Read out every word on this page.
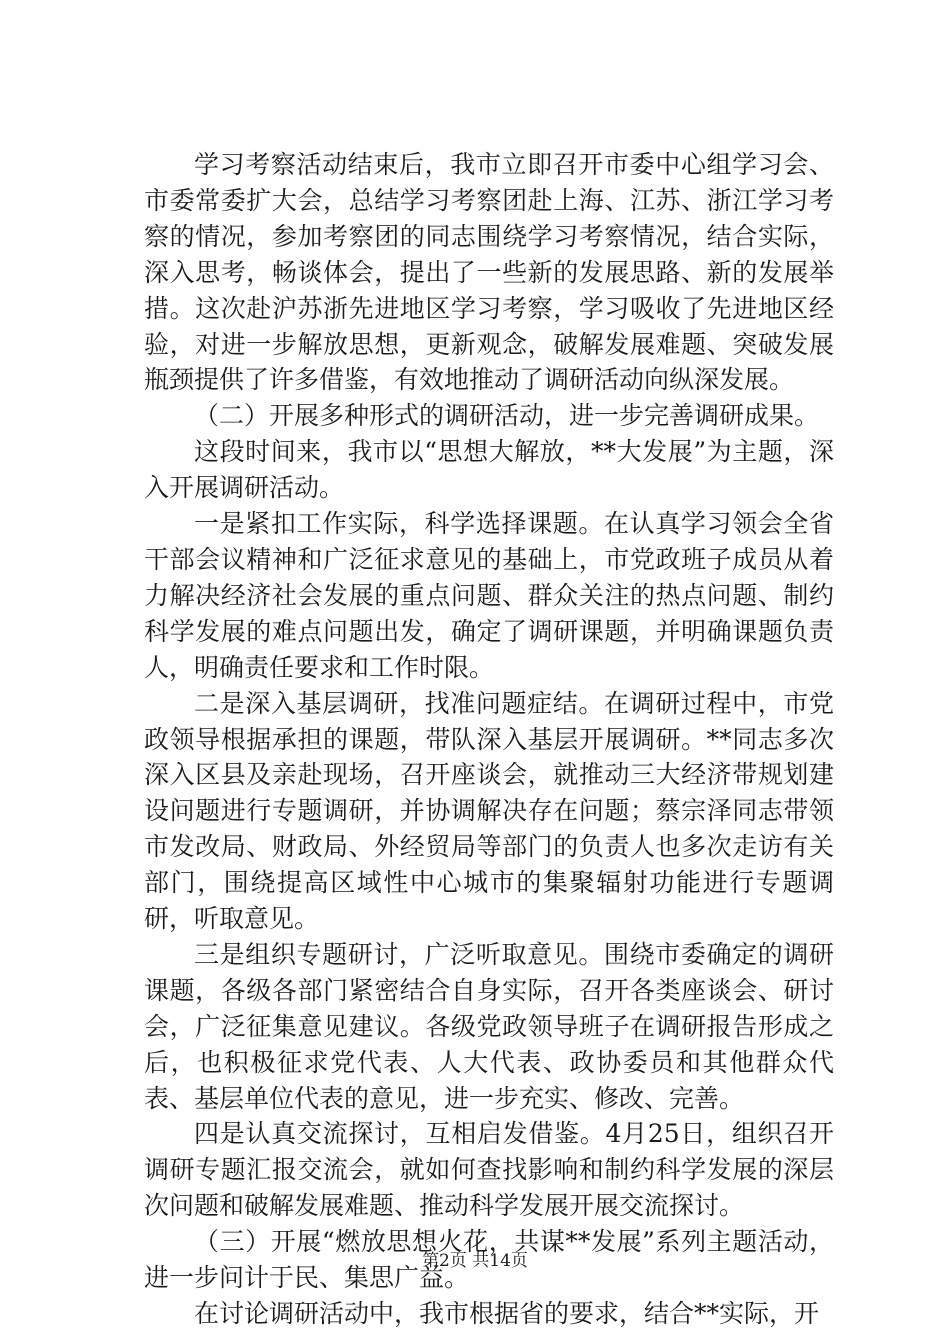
学习考察活动结束后，我市立即召开市委中心组学习会、市委常委扩大会，总结学习考察团赴上海、江苏、浙江学习考察的情况，参加考察团的同志围绕学习考察情况，结合实际，深入思考，畅谈体会，提出了一些新的发展思路、新的发展举措。这次赴沪苏浙先进地区学习考察，学习吸收了先进地区经验，对进一步解放思想，更新观念，破解发展难题、突破发展瓶颈提供了许多借鉴，有效地推动了调研活动向纵深发展。

（二）开展多种形式的调研活动，进一步完善调研成果。

这段时间来，我市以“思想大解放，**大发展”为主题，深入开展调研活动。

一是紧扣工作实际，科学选择课题。在认真学习领会全省干部会议精神和广泛征求意见的基础上，市党政班子成员从着力解决经济社会发展的重点问题、群众关注的热点问题、制约科学发展的难点问题出发，确定了调研课题，并明确课题负责人，明确责任要求和工作时限。

二是深入基层调研，找准问题症结。在调研过程中，市党政领导根据承担的课题，带队深入基层开展调研。**同志多次深入区县及亲赴现场，召开座谈会，就推动三大经济带规划建设问题进行专题调研，并协调解决存在问题；蔡宗泽同志带领市发改局、财政局、外经贸局等部门的负责人也多次走访有关部门，围绕提高区域性中心城市的集聚辐射功能进行专题调研，听取意见。

三是组织专题研讨，广泛听取意见。围绕市委确定的调研课题，各级各部门紧密结合自身实际，召开各类座谈会、研讨会，广泛征集意见建议。各级党政领导班子在调研报告形成之后，也积极征求党代表、人大代表、政协委员和其他群众代表、基层单位代表的意见，进一步充实、修改、完善。

四是认真交流探讨，互相启发借鉴。4月25日，组织召开调研专题汇报交流会，就如何查找影响和制约科学发展的深层次问题和破解发展难题、推动科学发展开展交流探讨。

（三）开展“燃放思想火花，共谋**发展”系列主题活动，进一步问计于民、集思广益。

在讨论调研活动中，我市根据省的要求，结合**实际，开

第2页 共14页
